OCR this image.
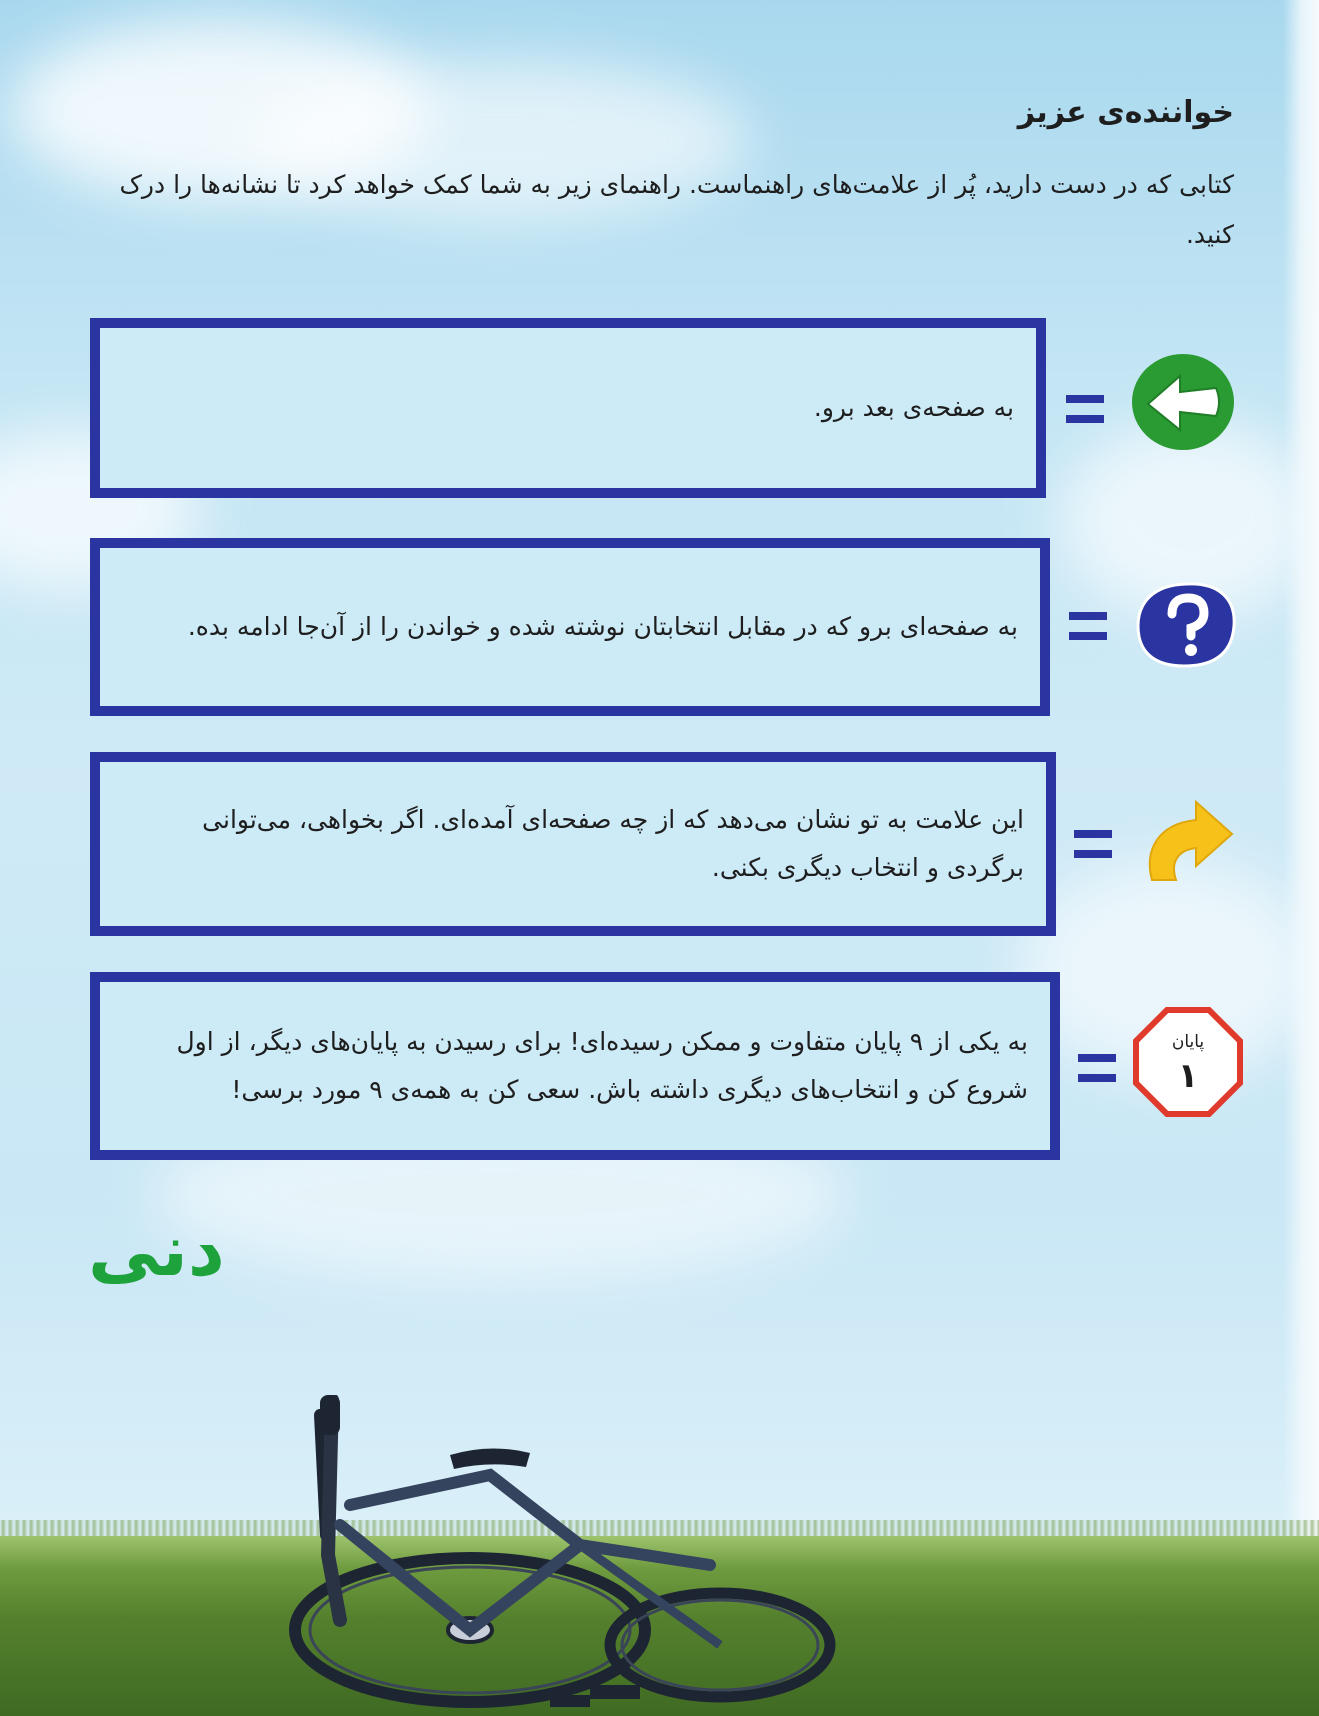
خواننده‌ی عزیز

کتابی که در دست دارید، پُر از علامت‌های راهنماست. راهنمای زیر به شما کمک خواهد کرد تا نشانه‌ها را درک کنید.

به صفحه‌ی بعد برو.
به صفحه‌ای برو که در مقابل انتخابتان نوشته شده و خواندن را از آن‌جا ادامه بده.
این علامت به تو نشان می‌دهد که از چه صفحه‌ای آمده‌ای. اگر بخواهی، می‌توانی برگردی و انتخاب دیگری بکنی.
به یکی از ۹ پایان متفاوت و ممکن رسیده‌ای! برای رسیدن به پایان‌های دیگر، از اول شروع کن و انتخاب‌های دیگری داشته باش. سعی کن به همه‌ی ۹ مورد برسی!
پایان
۱
دنی
